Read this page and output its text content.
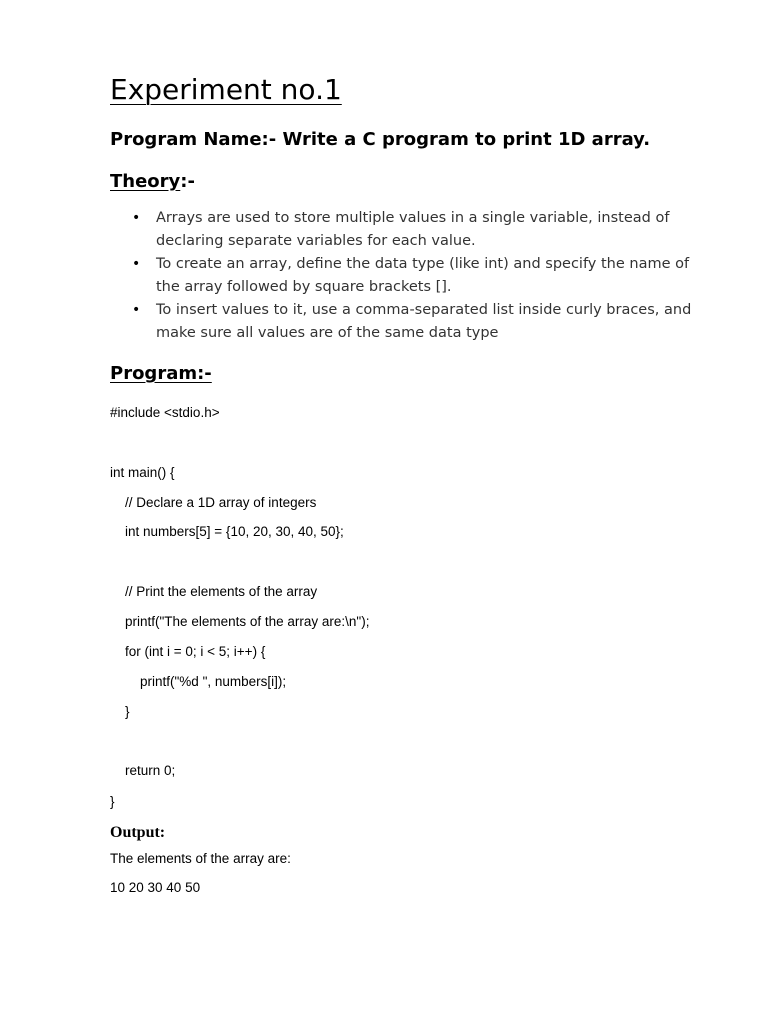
Experiment no.1
Program Name:- Write a C program to print 1D array.
Theory:-
•	Arrays are used to store multiple values in a single variable, instead of declaring separate variables for each value.
•	To create an array, define the data type (like int) and specify the name of the array followed by square brackets [].
•	To insert values to it, use a comma-separated list inside curly braces, and make sure all values are of the same data type
Program:-
#include <stdio.h>
int main() {
// Declare a 1D array of integers
int numbers[5] = {10, 20, 30, 40, 50};
// Print the elements of the array
printf("The elements of the array are:\n");
for (int i = 0; i < 5; i++) {
printf("%d ", numbers[i]);
}
return 0;
}
Output:
The elements of the array are:
10 20 30 40 50
